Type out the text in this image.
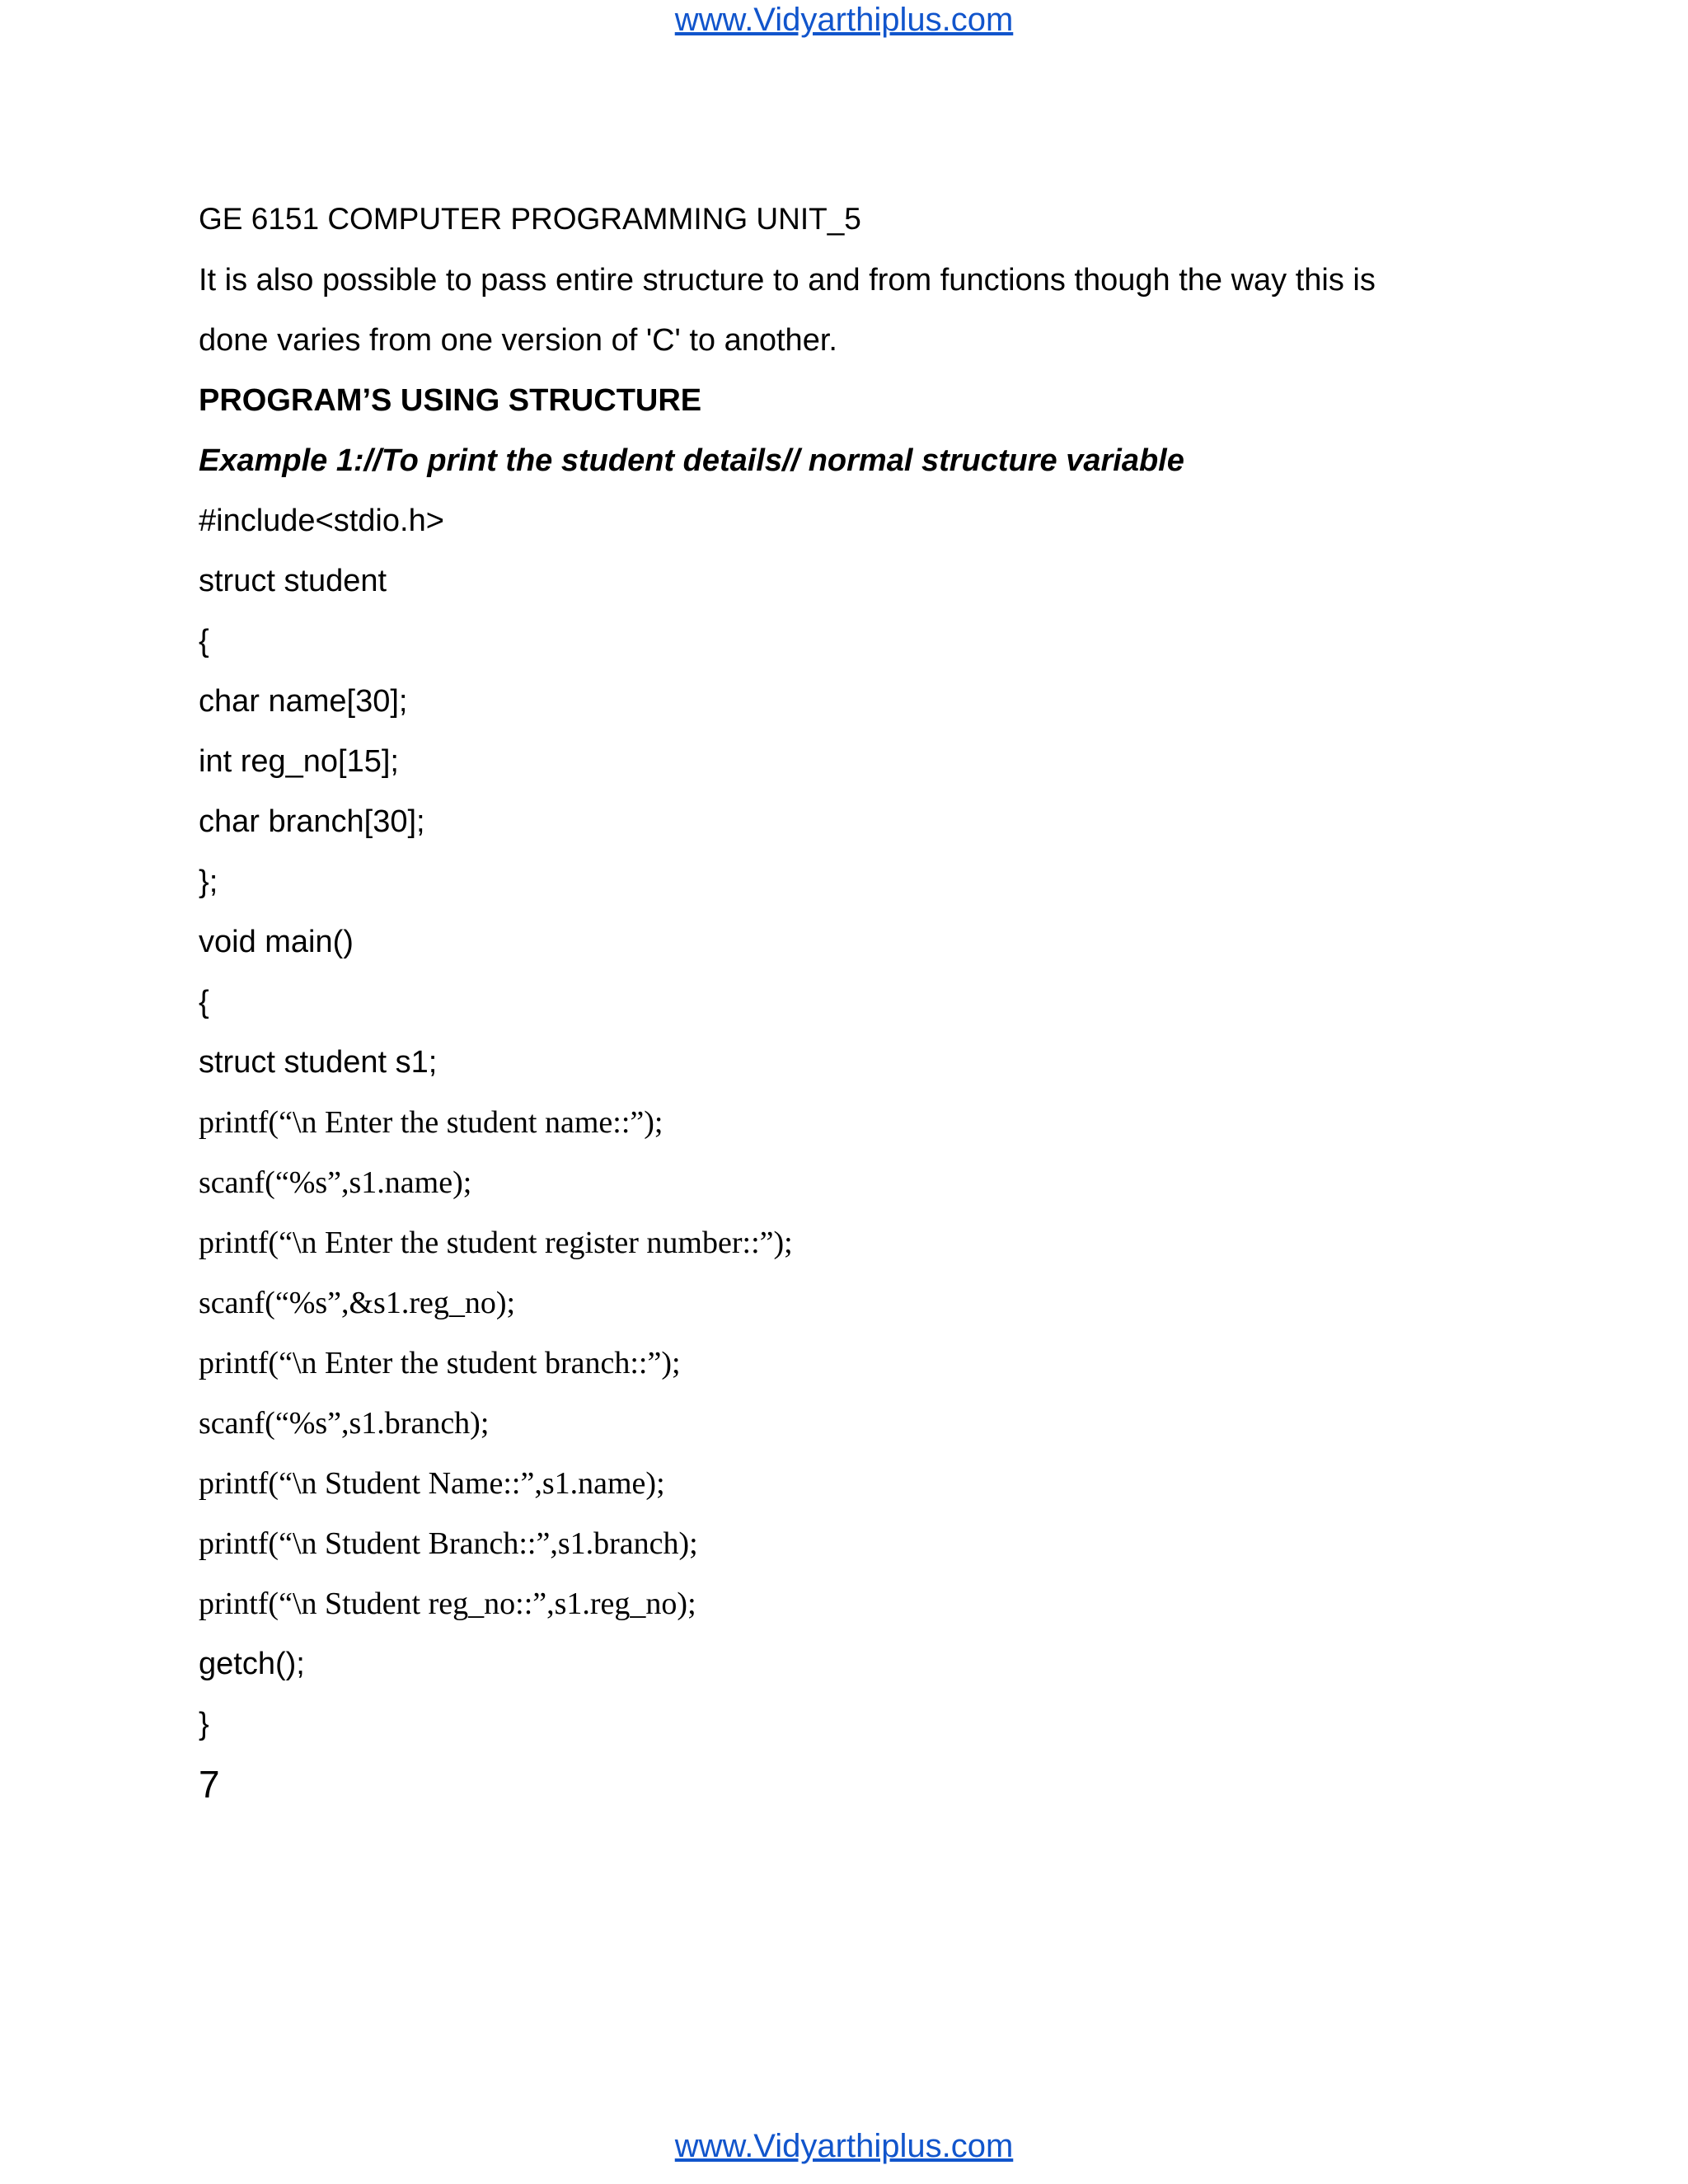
www.Vidyarthiplus.com
GE 6151 COMPUTER PROGRAMMING UNIT_5
It is also possible to pass entire structure to and from functions though the way this is
done varies from one version of 'C' to another.
PROGRAM’S USING STRUCTURE
Example 1://To print the student details// normal structure variable
#include<stdio.h>
struct student
{
char name[30];
int reg_no[15];
char branch[30];
};
void main()
{
struct student s1;
printf(“\n Enter the student name::”);
scanf(“%s”,s1.name);
printf(“\n Enter the student register number::”);
scanf(“%s”,&s1.reg_no);
printf(“\n Enter the student branch::”);
scanf(“%s”,s1.branch);
printf(“\n Student Name::”,s1.name);
printf(“\n Student Branch::”,s1.branch);
printf(“\n Student reg_no::”,s1.reg_no);
getch();
}
7
www.Vidyarthiplus.com
